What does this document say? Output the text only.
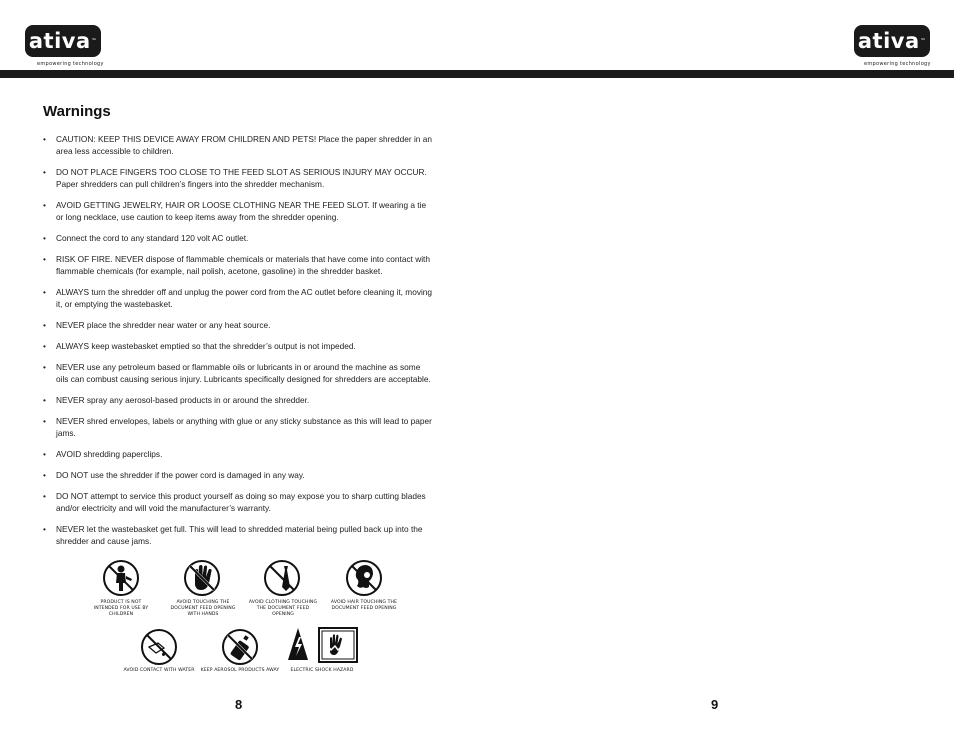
ativa™
empowering technology
ativa™
empowering technology
Warnings
• CAUTION: KEEP THIS DEVICE AWAY FROM CHILDREN AND PETS! Place the paper shredder in an area less accessible to children.
• DO NOT PLACE FINGERS TOO CLOSE TO THE FEED SLOT AS SERIOUS INJURY MAY OCCUR. Paper shredders can pull children’s fingers into the shredder mechanism.
• AVOID GETTING JEWELRY, HAIR OR LOOSE CLOTHING NEAR THE FEED SLOT. If wearing a tie or long necklace, use caution to keep items away from the shredder opening.
• Connect the cord to any standard 120 volt AC outlet.
• RISK OF FIRE. NEVER dispose of flammable chemicals or materials that have come into contact with flammable chemicals (for example, nail polish, acetone, gasoline) in the shredder basket.
• ALWAYS turn the shredder off and unplug the power cord from the AC outlet before cleaning it, moving it, or emptying the wastebasket.
• NEVER place the shredder near water or any heat source.
• ALWAYS keep wastebasket emptied so that the shredder’s output is not impeded.
• NEVER use any petroleum based or flammable oils or lubricants in or around the machine as some oils can combust causing serious injury. Lubricants specifically designed for shredders are acceptable.
• NEVER spray any aerosol-based products in or around the shredder.
• NEVER shred envelopes, labels or anything with glue or any sticky substance as this will lead to paper jams.
• AVOID shredding paperclips.
• DO NOT use the shredder if the power cord is damaged in any way.
• DO NOT attempt to service this product yourself as doing so may expose you to sharp cutting blades and/or electricity and will void the manufacturer’s warranty.
• NEVER let the wastebasket get full. This will lead to shredded material being pulled back up into the shredder and cause jams.
PRODUCT IS NOT INTENDED FOR USE BY CHILDREN
AVOID TOUCHING THE DOCUMENT FEED OPENING WITH HANDS
AVOID CLOTHING TOUCHING THE DOCUMENT FEED OPENING
AVOID HAIR TOUCHING THE DOCUMENT FEED OPENING
AVOID CONTACT WITH WATER	KEEP AEROSOL PRODUCTS AWAY	ELECTRIC SHOCK HAZARD
8	9
